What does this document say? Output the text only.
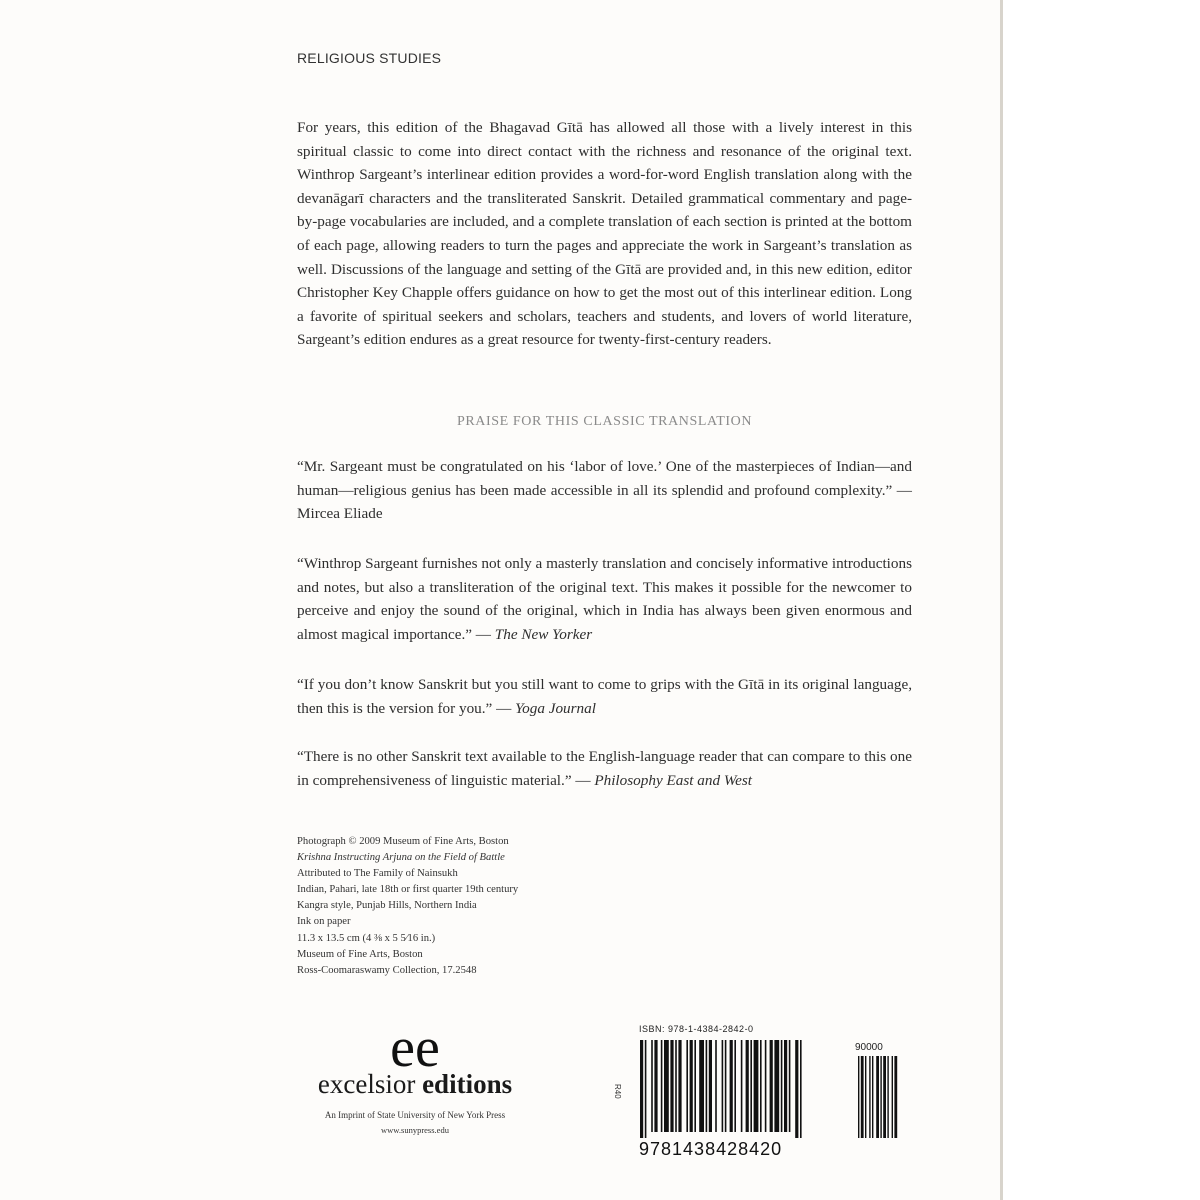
RELIGIOUS STUDIES
For years, this edition of the Bhagavad Gītā has allowed all those with a lively interest in this spiritual classic to come into direct contact with the richness and resonance of the original text. Winthrop Sargeant’s interlinear edition provides a word-for-word English translation along with the devanāgarī characters and the transliterated Sanskrit. Detailed grammatical commentary and page-by-page vocabularies are included, and a complete translation of each section is printed at the bottom of each page, allowing readers to turn the pages and appreciate the work in Sargeant’s translation as well. Discussions of the language and setting of the Gītā are provided and, in this new edition, editor Christopher Key Chapple offers guidance on how to get the most out of this interlinear edition. Long a favorite of spiritual seekers and scholars, teachers and students, and lovers of world literature, Sargeant’s edition endures as a great resource for twenty-first-century readers.
PRAISE FOR THIS CLASSIC TRANSLATION
“Mr. Sargeant must be congratulated on his ‘labor of love.’ One of the masterpieces of Indian—and human—religious genius has been made accessible in all its splendid and profound complexity.” — Mircea Eliade
“Winthrop Sargeant furnishes not only a masterly translation and concisely informative introductions and notes, but also a transliteration of the original text. This makes it possible for the newcomer to perceive and enjoy the sound of the original, which in India has always been given enormous and almost magical importance.” — The New Yorker
“If you don’t know Sanskrit but you still want to come to grips with the Gītā in its original language, then this is the version for you.” — Yoga Journal
“There is no other Sanskrit text available to the English-language reader that can compare to this one in comprehensiveness of linguistic material.” — Philosophy East and West
Photograph © 2009 Museum of Fine Arts, Boston
Krishna Instructing Arjuna on the Field of Battle
Attributed to The Family of Nainsukh
Indian, Pahari, late 18th or first quarter 19th century
Kangra style, Punjab Hills, Northern India
Ink on paper
11.3 x 13.5 cm (4 ⅜ x 5 5⁄16 in.)
Museum of Fine Arts, Boston
Ross-Coomaraswamy Collection, 17.2548
ee
excelsior editions
An Imprint of State University of New York Press
www.sunypress.edu
ISBN: 978-1-4384-2842-0
R40
90000
9781438428420
